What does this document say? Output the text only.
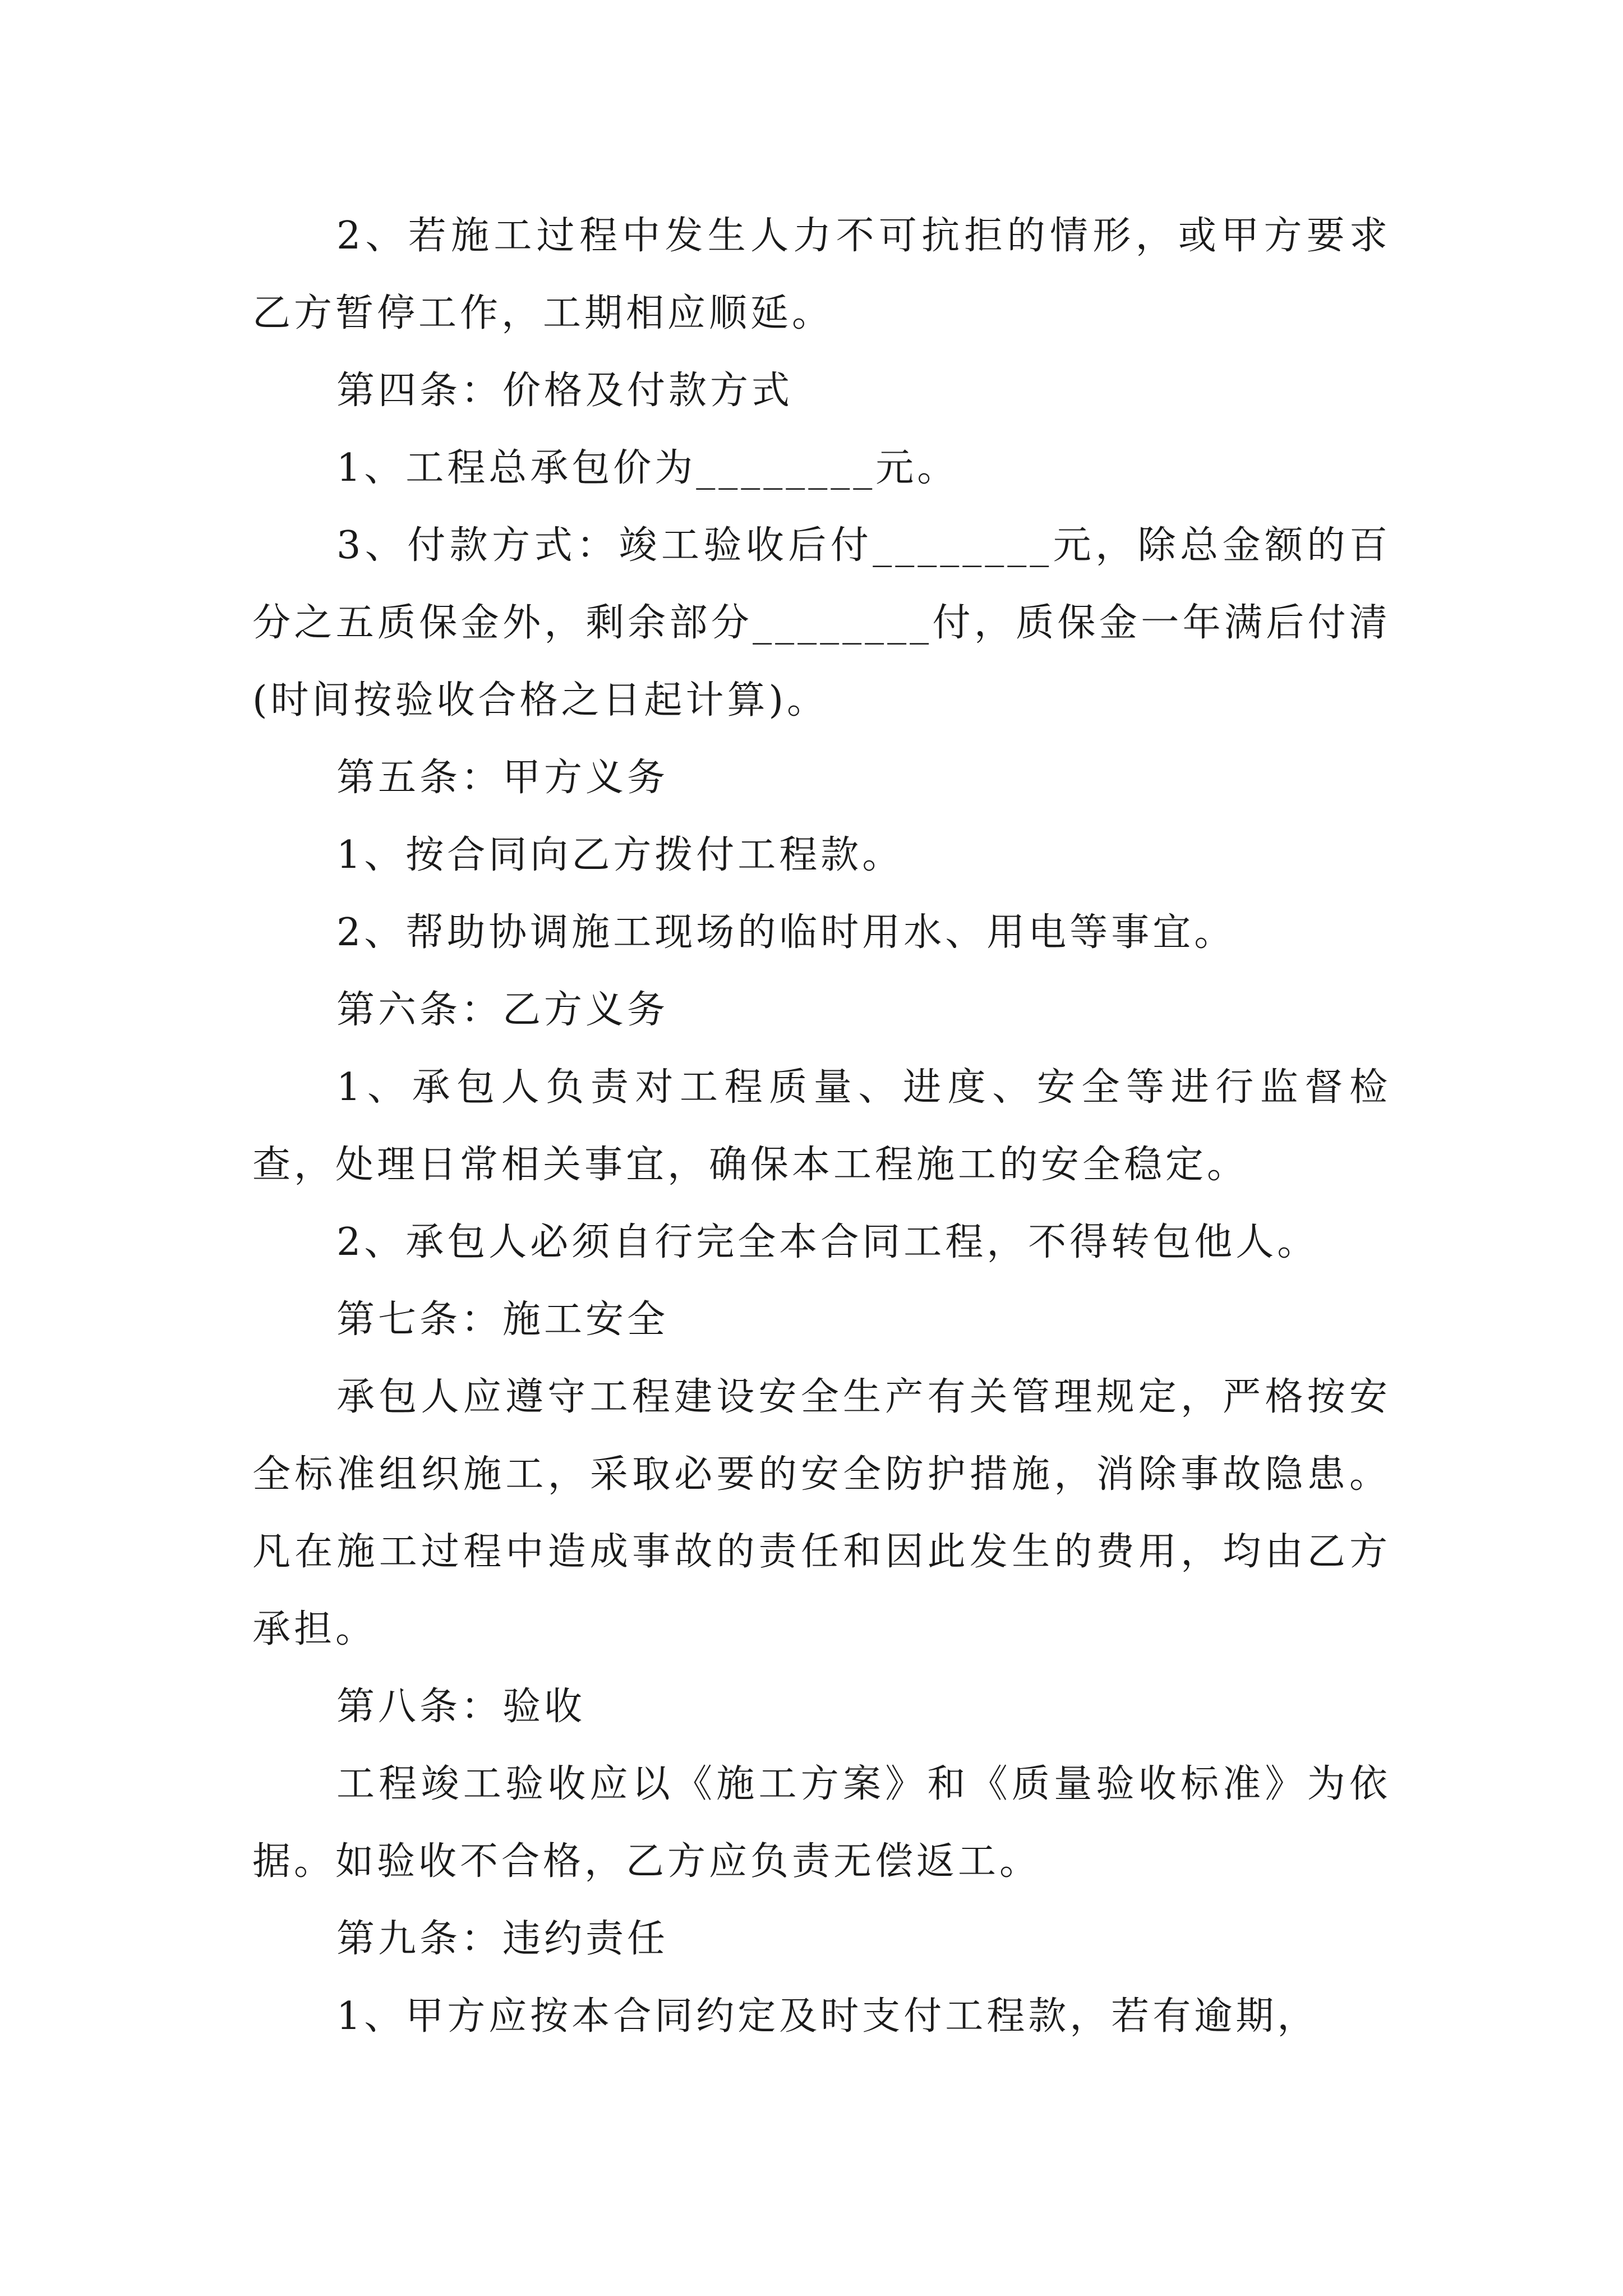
2、若施工过程中发生人力不可抗拒的情形，或甲方要求乙方暂停工作，工期相应顺延。

第四条：价格及付款方式

1、工程总承包价为________元。

3、付款方式：竣工验收后付________元，除总金额的百分之五质保金外，剩余部分________付，质保金一年满后付清(时间按验收合格之日起计算)。

第五条：甲方义务

1、按合同向乙方拨付工程款。

2、帮助协调施工现场的临时用水、用电等事宜。

第六条：乙方义务

1、承包人负责对工程质量、进度、安全等进行监督检查，处理日常相关事宜，确保本工程施工的安全稳定。

2、承包人必须自行完全本合同工程，不得转包他人。

第七条：施工安全

承包人应遵守工程建设安全生产有关管理规定，严格按安全标准组织施工，采取必要的安全防护措施，消除事故隐患。凡在施工过程中造成事故的责任和因此发生的费用，均由乙方承担。

第八条：验收

工程竣工验收应以《施工方案》和《质量验收标准》为依据。如验收不合格，乙方应负责无偿返工。

第九条：违约责任

1、甲方应按本合同约定及时支付工程款，若有逾期，
